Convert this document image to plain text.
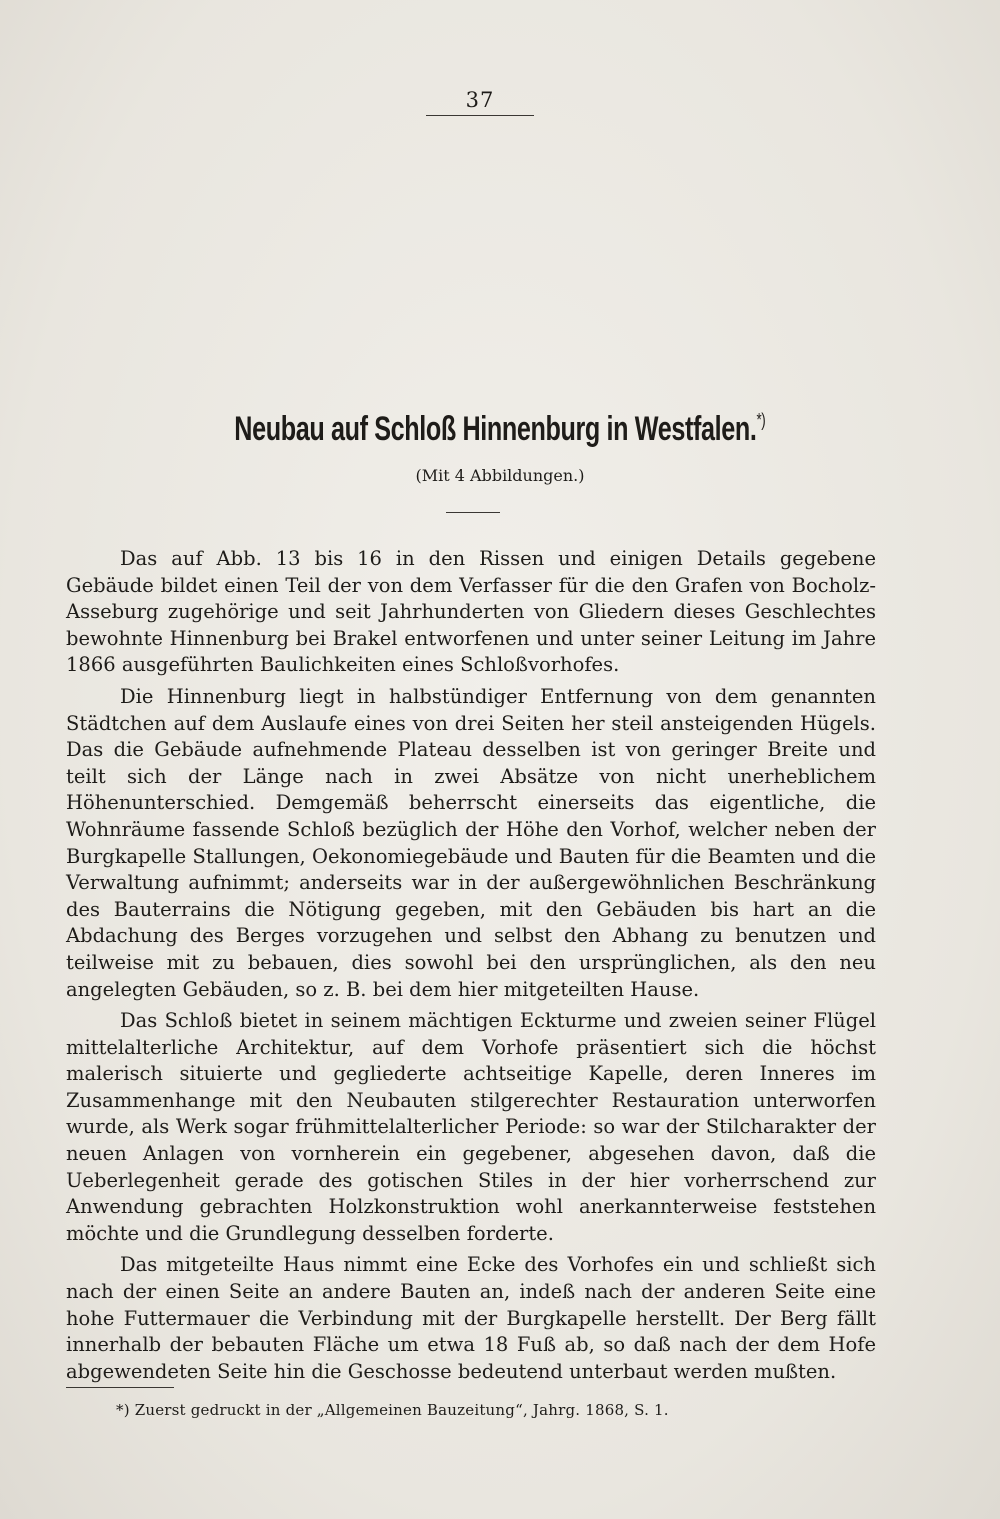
37
Neubau auf Schloß Hinnenburg in Westfalen.*)
(Mit 4 Abbildungen.)

Das auf Abb. 13 bis 16 in den Rissen und einigen Details gegebene Gebäude bildet einen Teil der von dem Verfasser für die den Grafen von Bocholz-Asseburg zugehörige und seit Jahrhunderten von Gliedern dieses Geschlechtes bewohnte Hinnenburg bei Brakel entworfenen und unter seiner Leitung im Jahre 1866 ausgeführten Baulichkeiten eines Schloßvorhofes.

Die Hinnenburg liegt in halbstündiger Entfernung von dem genannten Städtchen auf dem Auslaufe eines von drei Seiten her steil ansteigenden Hügels. Das die Gebäude aufnehmende Plateau desselben ist von geringer Breite und teilt sich der Länge nach in zwei Absätze von nicht unerheblichem Höhenunterschied. Demgemäß beherrscht einerseits das eigentliche, die Wohnräume fassende Schloß bezüglich der Höhe den Vorhof, welcher neben der Burgkapelle Stallungen, Oekonomiegebäude und Bauten für die Beamten und die Verwaltung aufnimmt; anderseits war in der außergewöhnlichen Beschränkung des Bauterrains die Nötigung gegeben, mit den Gebäuden bis hart an die Abdachung des Berges vorzugehen und selbst den Abhang zu benutzen und teilweise mit zu bebauen, dies sowohl bei den ursprünglichen, als den neu angelegten Gebäuden, so z. B. bei dem hier mitgeteilten Hause.

Das Schloß bietet in seinem mächtigen Eckturme und zweien seiner Flügel mittelalterliche Architektur, auf dem Vorhofe präsentiert sich die höchst malerisch situierte und gegliederte achtseitige Kapelle, deren Inneres im Zusammenhange mit den Neubauten stilgerechter Restauration unterworfen wurde, als Werk sogar frühmittelalterlicher Periode: so war der Stilcharakter der neuen Anlagen von vornherein ein gegebener, abgesehen davon, daß die Ueberlegenheit gerade des gotischen Stiles in der hier vorherrschend zur Anwendung gebrachten Holzkonstruktion wohl anerkannterweise feststehen möchte und die Grundlegung desselben forderte.

Das mitgeteilte Haus nimmt eine Ecke des Vorhofes ein und schließt sich nach der einen Seite an andere Bauten an, indeß nach der anderen Seite eine hohe Futtermauer die Verbindung mit der Burgkapelle herstellt. Der Berg fällt innerhalb der bebauten Fläche um etwa 18 Fuß ab, so daß nach der dem Hofe abgewendeten Seite hin die Geschosse bedeutend unterbaut werden mußten.

*) Zuerst gedruckt in der „Allgemeinen Bauzeitung“, Jahrg. 1868, S. 1.
